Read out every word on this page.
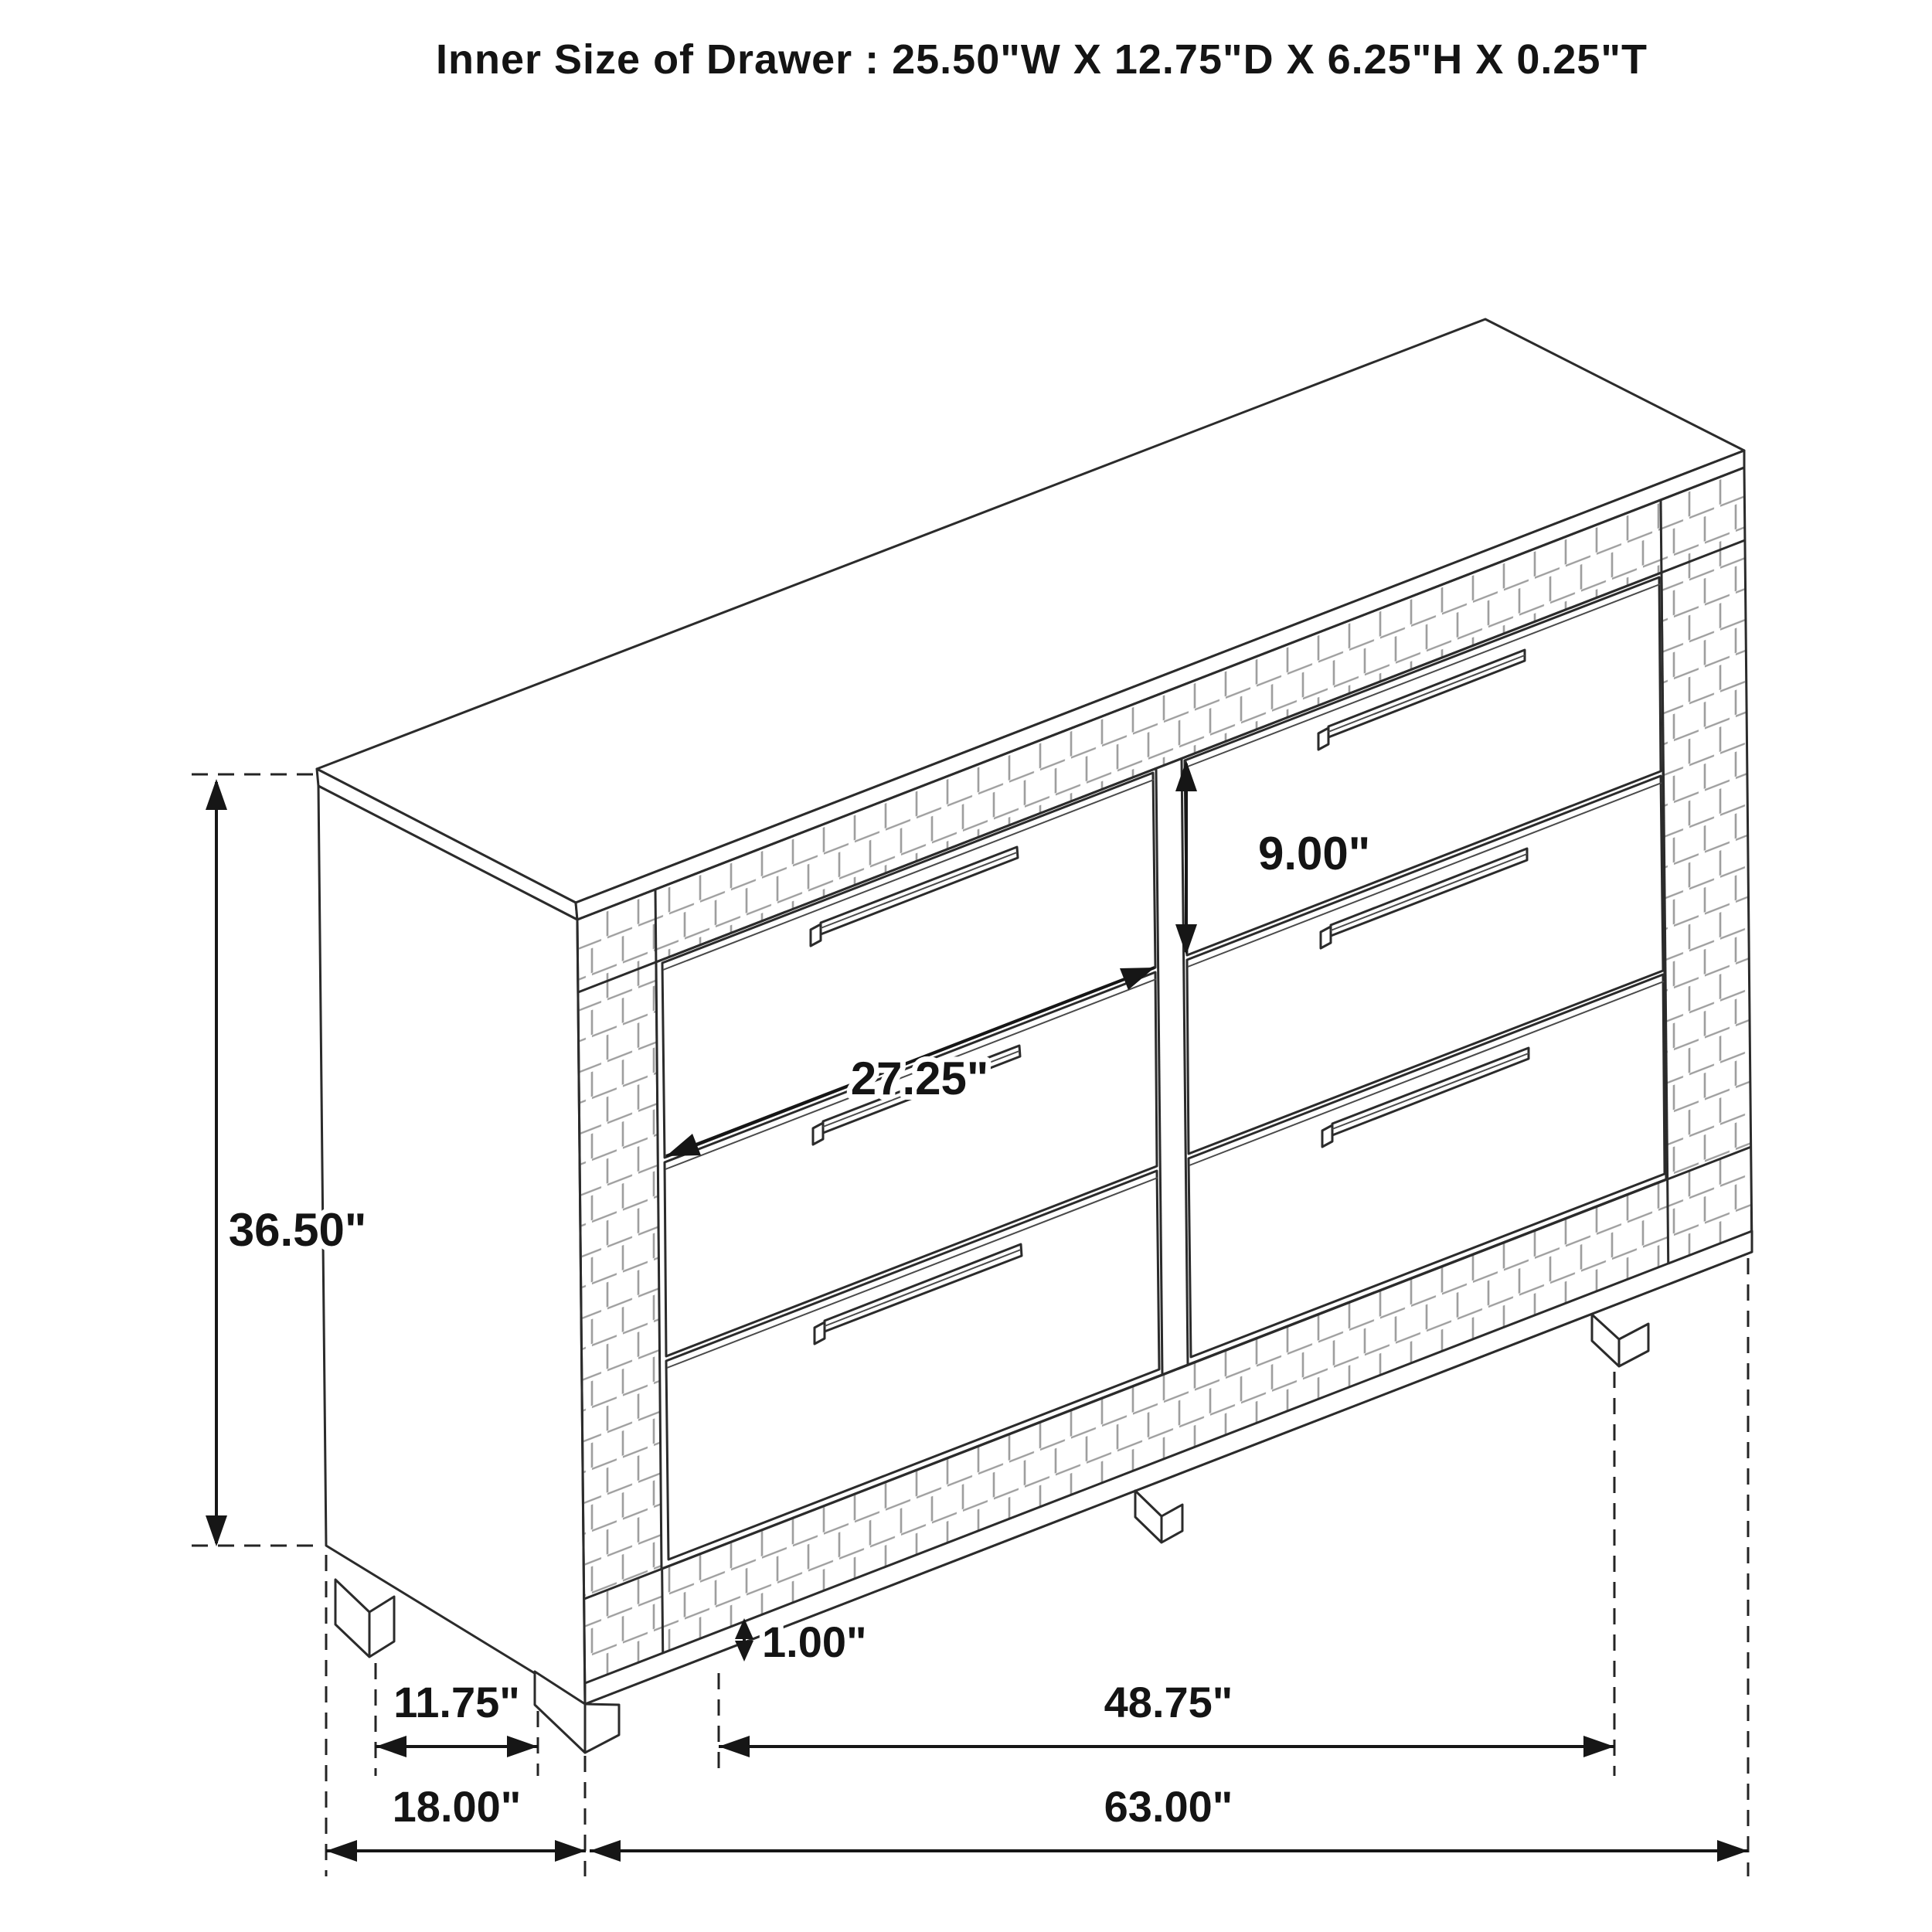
Inner Size of Drawer : 25.50"W X 12.75"D X 6.25"H X 0.25"T
36.50"
9.00"
27.25"
1.00"
11.75"	48.75"
18.00"	63.00"
